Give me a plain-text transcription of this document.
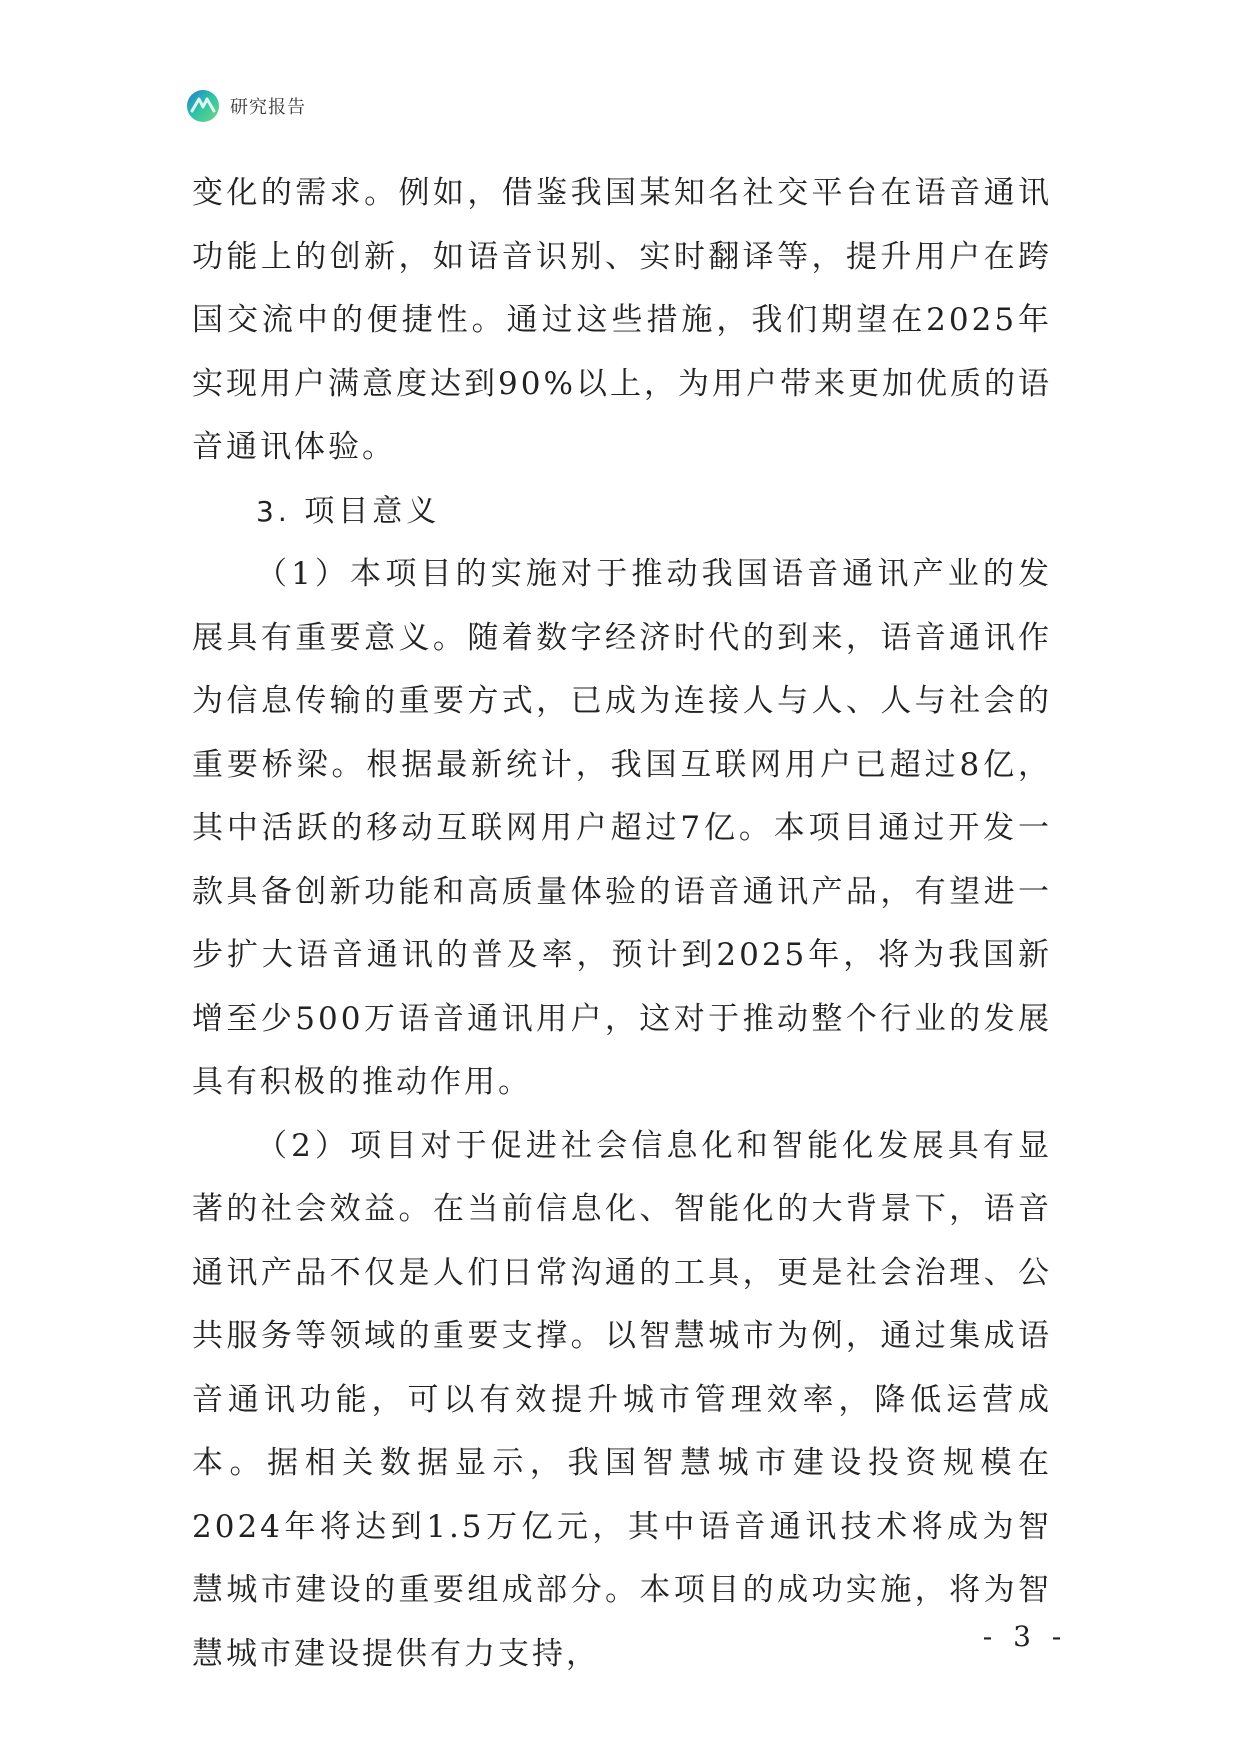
研究报告

变化的需求。例如，借鉴我国某知名社交平台在语音通讯功能上的创新，如语音识别、实时翻译等，提升用户在跨国交流中的便捷性。通过这些措施，我们期望在2025年实现用户满意度达到90%以上，为用户带来更加优质的语音通讯体验。

3. 项目意义

（1）本项目的实施对于推动我国语音通讯产业的发展具有重要意义。随着数字经济时代的到来，语音通讯作为信息传输的重要方式，已成为连接人与人、人与社会的重要桥梁。根据最新统计，我国互联网用户已超过8亿，其中活跃的移动互联网用户超过7亿。本项目通过开发一款具备创新功能和高质量体验的语音通讯产品，有望进一步扩大语音通讯的普及率，预计到2025年，将为我国新增至少500万语音通讯用户，这对于推动整个行业的发展具有积极的推动作用。

（2）项目对于促进社会信息化和智能化发展具有显著的社会效益。在当前信息化、智能化的大背景下，语音通讯产品不仅是人们日常沟通的工具，更是社会治理、公共服务等领域的重要支撑。以智慧城市为例，通过集成语音通讯功能，可以有效提升城市管理效率，降低运营成本。据相关数据显示，我国智慧城市建设投资规模在2024年将达到1.5万亿元，其中语音通讯技术将成为智慧城市建设的重要组成部分。本项目的成功实施，将为智慧城市建设提供有力支持，	- 3 -
